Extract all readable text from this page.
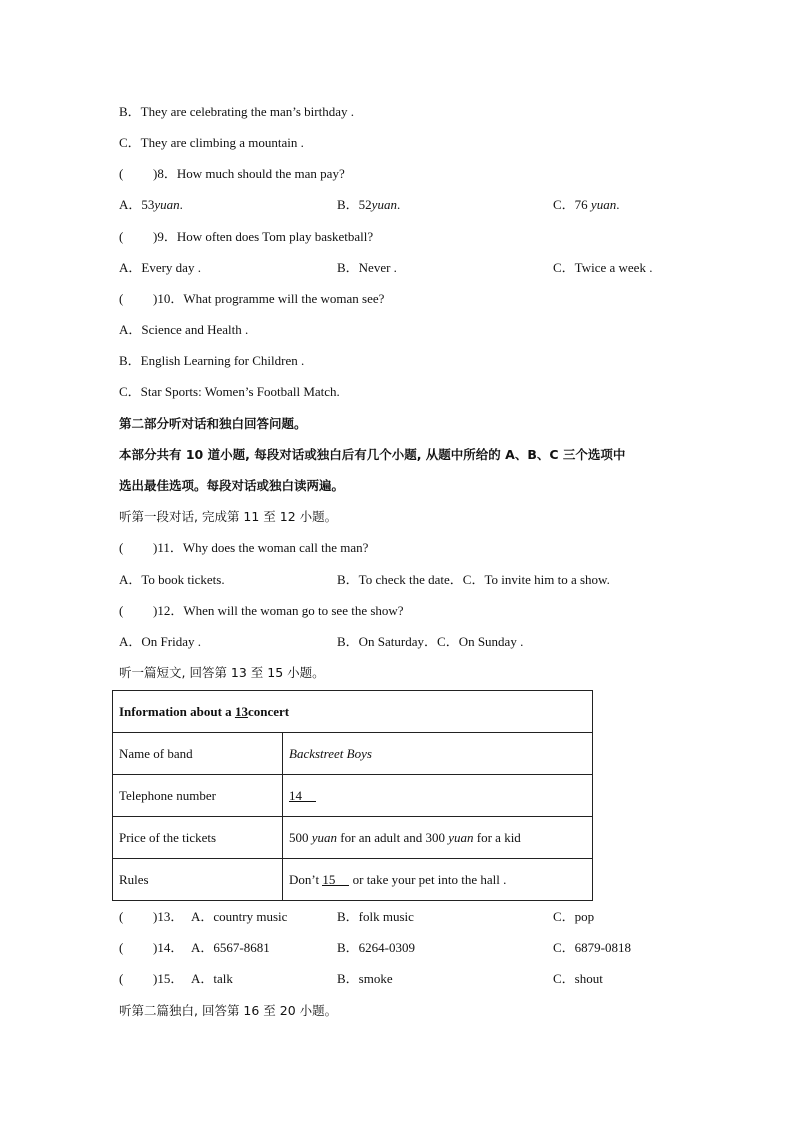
B．They are celebrating the man’s birthday .
C．They are climbing a mountain .
( )8．How much should the man pay?
A．53yuan.	B．52yuan.	C．76 yuan.
( )9．How often does Tom play basketball?
A．Every day .	B．Never .	C．Twice a week .
( )10．What programme will the woman see?
A．Science and Health .
B．English Learning for Children .
C．Star Sports: Women’s Football Match.
第二部分听对话和独白回答问题。
本部分共有 10 道小题, 每段对话或独白后有几个小题, 从题中所给的 A、B、C 三个选项中
选出最佳选项。每段对话或独白读两遍。
听第一段对话, 完成第 11 至 12 小题。
( )11．Why does the woman call the man?
A．To book tickets.	B．To check the date．C．To invite him to a show.
( )12．When will the woman go to see the show?
A．On Friday .	B．On Saturday．C．On Sunday .
听一篇短文, 回答第 13 至 15 小题。
Information about a 13concert	
Name of band	Backstreet Boys
Telephone number	14
Price of the tickets	500 yuan for an adult and 300 yuan for a kid
Rules	Don’t 15 or take your pet into the hall .
( )13． A．country music	B．folk music	C．pop
( )14． A．6567-8681	B．6264-0309	C．6879-0818
( )15． A．talk	B．smoke	C．shout
听第二篇独白, 回答第 16 至 20 小题。
